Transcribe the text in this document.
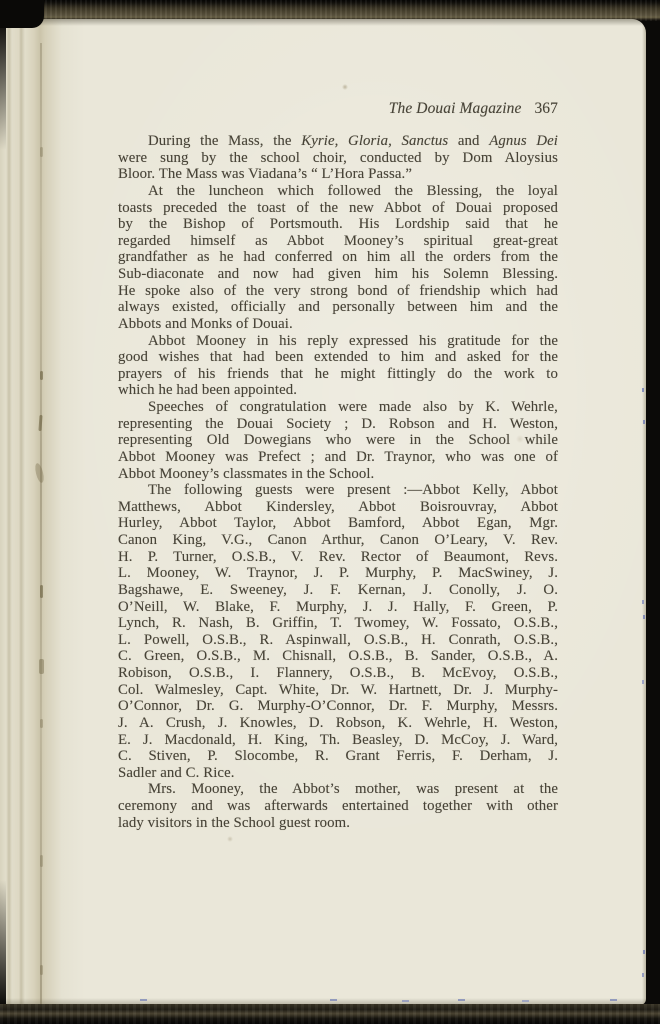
The Douai Magazine 367
During the Mass, the Kyrie, Gloria, Sanctus and Agnus Dei
were sung by the school choir, conducted by Dom Aloysius
Bloor. The Mass was Viadana’s “ L’Hora Passa.”
At the luncheon which followed the Blessing, the loyal
toasts preceded the toast of the new Abbot of Douai proposed
by the Bishop of Portsmouth. His Lordship said that he
regarded himself as Abbot Mooney’s spiritual great-great
grandfather as he had conferred on him all the orders from the
Sub-diaconate and now had given him his Solemn Blessing.
He spoke also of the very strong bond of friendship which had
always existed, officially and personally between him and the
Abbots and Monks of Douai.
Abbot Mooney in his reply expressed his gratitude for the
good wishes that had been extended to him and asked for the
prayers of his friends that he might fittingly do the work to
which he had been appointed.
Speeches of congratulation were made also by K. Wehrle,
representing the Douai Society ; D. Robson and H. Weston,
representing Old Dowegians who were in the School while
Abbot Mooney was Prefect ; and Dr. Traynor, who was one of
Abbot Mooney’s classmates in the School.
The following guests were present :—Abbot Kelly, Abbot
Matthews, Abbot Kindersley, Abbot Boisrouvray, Abbot
Hurley, Abbot Taylor, Abbot Bamford, Abbot Egan, Mgr.
Canon King, V.G., Canon Arthur, Canon O’Leary, V. Rev.
H. P. Turner, O.S.B., V. Rev. Rector of Beaumont, Revs.
L. Mooney, W. Traynor, J. P. Murphy, P. MacSwiney, J.
Bagshawe, E. Sweeney, J. F. Kernan, J. Conolly, J. O.
O’Neill, W. Blake, F. Murphy, J. J. Hally, F. Green, P.
Lynch, R. Nash, B. Griffin, T. Twomey, W. Fossato, O.S.B.,
L. Powell, O.S.B., R. Aspinwall, O.S.B., H. Conrath, O.S.B.,
C. Green, O.S.B., M. Chisnall, O.S.B., B. Sander, O.S.B., A.
Robison, O.S.B., I. Flannery, O.S.B., B. McEvoy, O.S.B.,
Col. Walmesley, Capt. White, Dr. W. Hartnett, Dr. J. Murphy-
O’Connor, Dr. G. Murphy-O’Connor, Dr. F. Murphy, Messrs.
J. A. Crush, J. Knowles, D. Robson, K. Wehrle, H. Weston,
E. J. Macdonald, H. King, Th. Beasley, D. McCoy, J. Ward,
C. Stiven, P. Slocombe, R. Grant Ferris, F. Derham, J.
Sadler and C. Rice.
Mrs. Mooney, the Abbot’s mother, was present at the
ceremony and was afterwards entertained together with other
lady visitors in the School guest room.
